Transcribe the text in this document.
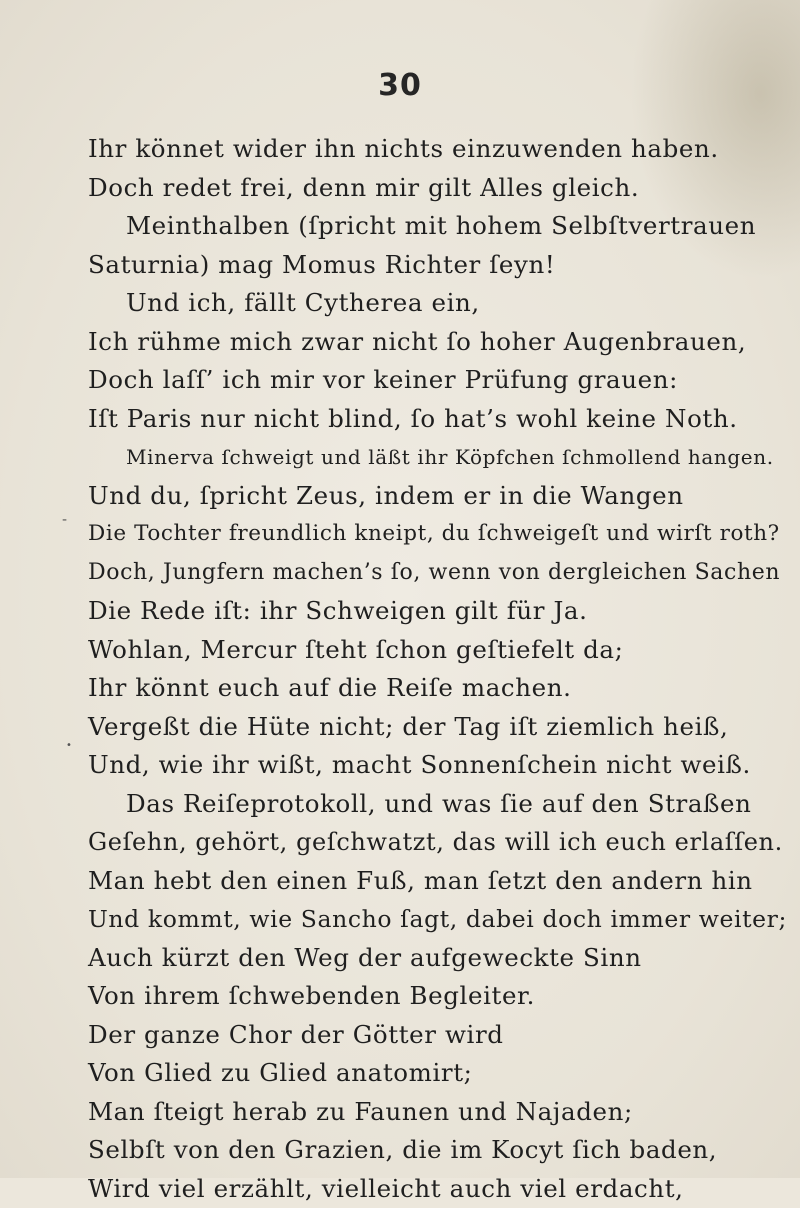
30
-
•
Ihr könnet wider ihn nichts einzuwenden haben.
Doch redet frei, denn mir gilt Alles gleich.
Meinthalben (ſpricht mit hohem Selbſtvertrauen
Saturnia) mag Momus Richter ſeyn!
Und ich, fällt Cytherea ein,
Ich rühme mich zwar nicht ſo hoher Augenbrauen,
Doch laſſ’ ich mir vor keiner Prüfung grauen:
Iſt Paris nur nicht blind, ſo hat’s wohl keine Noth.
Minerva ſchweigt und läßt ihr Köpfchen ſchmollend hangen.
Und du, ſpricht Zeus, indem er in die Wangen
Die Tochter freundlich kneipt, du ſchweigeſt und wirſt roth?
Doch, Jungfern machen’s ſo, wenn von dergleichen Sachen
Die Rede iſt: ihr Schweigen gilt für Ja.
Wohlan, Mercur ſteht ſchon geſtiefelt da;
Ihr könnt euch auf die Reiſe machen.
Vergeßt die Hüte nicht; der Tag iſt ziemlich heiß,
Und, wie ihr wißt, macht Sonnenſchein nicht weiß.
Das Reiſeprotokoll, und was ſie auf den Straßen
Geſehn, gehört, geſchwatzt, das will ich euch erlaſſen.
Man hebt den einen Fuß, man ſetzt den andern hin
Und kommt, wie Sancho ſagt, dabei doch immer weiter;
Auch kürzt den Weg der aufgeweckte Sinn
Von ihrem ſchwebenden Begleiter.
Der ganze Chor der Götter wird
Von Glied zu Glied anatomirt;
Man ſteigt herab zu Faunen und Najaden;
Selbſt von den Grazien, die im Kocyt ſich baden,
Wird viel erzählt, vielleicht auch viel erdacht,
